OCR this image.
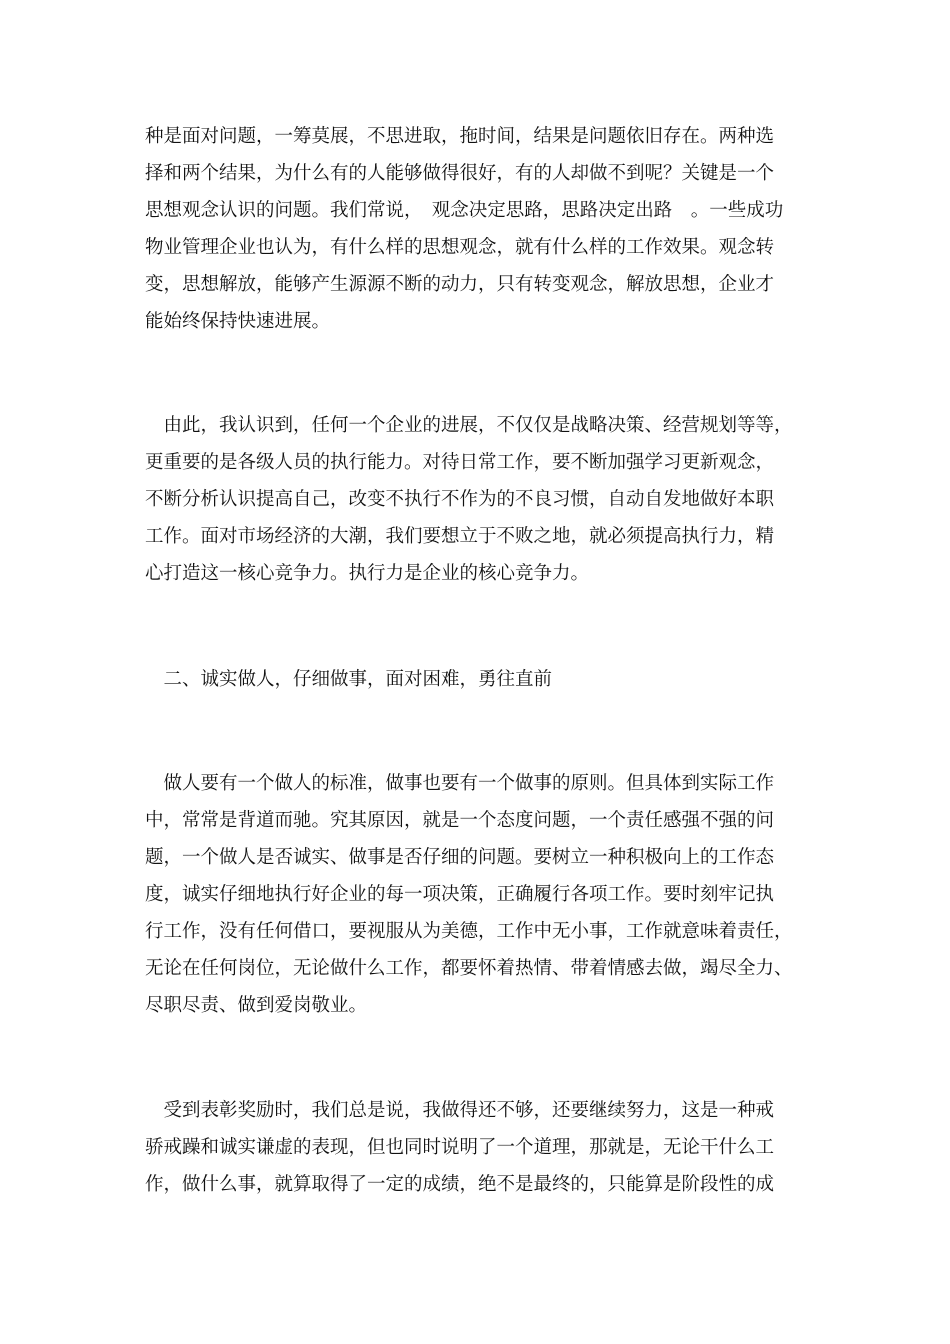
种是面对问题，一筹莫展，不思进取，拖时间，结果是问题依旧存在。两种选
择和两个结果，为什么有的人能够做得很好，有的人却做不到呢？关键是一个
思想观念认识的问题。我们常说，　观念决定思路，思路决定出路　。一些成功
物业管理企业也认为，有什么样的思想观念，就有什么样的工作效果。观念转
变，思想解放，能够产生源源不断的动力，只有转变观念，解放思想，企业才
能始终保持快速进展。

　由此，我认识到，任何一个企业的进展，不仅仅是战略决策、经营规划等等，
更重要的是各级人员的执行能力。对待日常工作，要不断加强学习更新观念，
不断分析认识提高自己，改变不执行不作为的不良习惯，自动自发地做好本职
工作。面对市场经济的大潮，我们要想立于不败之地，就必须提高执行力，精
心打造这一核心竞争力。执行力是企业的核心竞争力。

　二、诚实做人，仔细做事，面对困难，勇往直前

　做人要有一个做人的标准，做事也要有一个做事的原则。但具体到实际工作
中，常常是背道而驰。究其原因，就是一个态度问题，一个责任感强不强的问
题，一个做人是否诚实、做事是否仔细的问题。要树立一种积极向上的工作态
度，诚实仔细地执行好企业的每一项决策，正确履行各项工作。要时刻牢记执
行工作，没有任何借口，要视服从为美德，工作中无小事，工作就意味着责任，
无论在任何岗位，无论做什么工作，都要怀着热情、带着情感去做，竭尽全力、
尽职尽责、做到爱岗敬业。

　受到表彰奖励时，我们总是说，我做得还不够，还要继续努力，这是一种戒
骄戒躁和诚实谦虚的表现，但也同时说明了一个道理，那就是，无论干什么工
作，做什么事，就算取得了一定的成绩，绝不是最终的，只能算是阶段性的成
